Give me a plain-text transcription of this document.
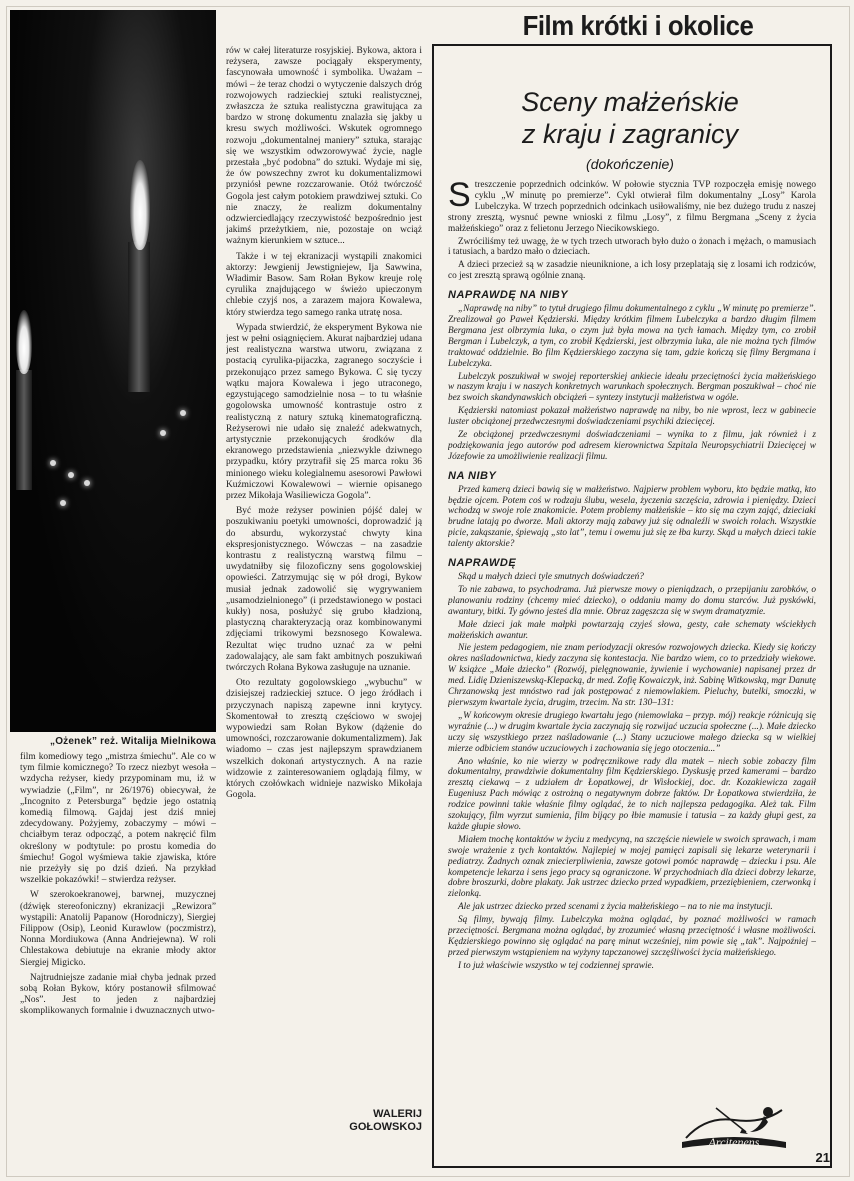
„Ożenek” reż. Witalija Mielnikowa

film komediowy tego „mistrza śmiechu”. Ale co w tym filmie komicznego? To rzecz niezbyt wesoła – wzdycha reżyser, kiedy przypominam mu, iż w wywiadzie („Film”, nr 26/1976) obiecywał, że „Incognito z Petersburga” będzie jego ostatnią komedią filmową. Gajdaj jest dziś mniej zdecydowany. Pożyjemy, zobaczymy – mówi – chciałbym teraz odpocząć, a potem nakręcić film określony w podtytule: po prostu komedia do śmiechu! Gogol wyśmiewa takie zjawiska, które nie przeżyły się po dziś dzień. Na przykład wszelkie pokazówki! – stwierdza reżyser.

W szerokoekranowej, barwnej, muzycznej (dźwięk stereofoniczny) ekranizacji „Rewizora” wystąpili: Anatolij Papanow (Horodniczy), Siergiej Filippow (Osip), Leonid Kurawlow (poczmistrz), Nonna Mordiukowa (Anna Andriejewna). W roli Chlestakowa debiutuje na ekranie młody aktor Siergiej Migicko.

Najtrudniejsze zadanie miał chyba jednak przed sobą Rołan Bykow, który postanowił sfilmować „Nos”. Jest to jeden z najbardziej skomplikowanych formalnie i dwuznacznych utwo-

rów w całej literaturze rosyjskiej. Bykowa, aktora i reżysera, zawsze pociągały eksperymenty, fascynowała umowność i symbolika. Uważam – mówi – że teraz chodzi o wytyczenie dalszych dróg rozwojowych radzieckiej sztuki realistycznej, zwłaszcza że sztuka realistyczna grawitująca za bardzo w stronę dokumentu znalazła się jakby u kresu swych możliwości. Wskutek ogromnego rozwoju „dokumentalnej maniery” sztuka, starając się we wszystkim odwzorowywać życie, nagle przestała „być podobna” do sztuki. Wydaje mi się, że ów powszechny zwrot ku dokumentalizmowi przyniósł pewne rozczarowanie. Otóż twórczość Gogola jest całym potokiem prawdziwej sztuki. Co nie znaczy, że realizm dokumentalny odzwierciedlający rzeczywistość bezpośrednio jest jakimś przeżytkiem, nie, pozostaje on wciąż ważnym kierunkiem w sztuce...

Także i w tej ekranizacji wystąpili znakomici aktorzy: Jewgienij Jewstigniejew, Ija Sawwina, Władimir Basow. Sam Rołan Bykow kreuje rolę cyrulika znajdującego w świeżo upieczonym chlebie czyjś nos, a zarazem majora Kowalewa, który stwierdza tego samego ranka utratę nosa.

Wypada stwierdzić, że eksperyment Bykowa nie jest w pełni osiągnięciem. Akurat najbardziej udana jest realistyczna warstwa utworu, związana z postacią cyrulika-pijaczka, zagranego soczyście i przekonująco przez samego Bykowa. C się tyczy wątku majora Kowalewa i jego utraconego, egzystującego samodzielnie nosa – to tu właśnie gogolowska umowność kontrastuje ostro z realistyczną z natury sztuką kinematograficzną. Reżyserowi nie udało się znaleźć adekwatnych, artystycznie przekonujących środków dla ekranowego przedstawienia „niezwykle dziwnego przypadku, który przytrafił się 25 marca roku 36 minionego wieku kolegialnemu asesorowi Pawłowi Kuźmiczowi Kowalewowi – wiernie opisanego przez Mikołaja Wasiliewicza Gogola”.

Być może reżyser powinien pójść dalej w poszukiwaniu poetyki umowności, doprowadzić ją do absurdu, wykorzystać chwyty kina ekspresjonistycznego. Wówczas – na zasadzie kontrastu z realistyczną warstwą filmu – uwydatniłby się filozoficzny sens gogolowskiej opowieści. Zatrzymując się w pół drogi, Bykow musiał jednak zadowolić się wygrywaniem „usamodzielnionego” (i przedstawionego w postaci kukły) nosa, posłużyć się grubo kładzioną, plastyczną charakteryzacją oraz kombinowanymi zdjęciami trikowymi bezsnosego Kowalewa. Rezultat więc trudno uznać za w pełni zadowalający, ale sam fakt ambitnych poszukiwań twórczych Rołana Bykowa zasługuje na uznanie.

Oto rezultaty gogolowskiego „wybuchu” w dzisiejszej radzieckiej sztuce. O jego źródłach i przyczynach napiszą zapewne inni krytycy. Skomentował to zresztą częściowo w swojej wypowiedzi sam Rołan Bykow (dążenie do umowności, rozczarowanie dokumentalizmem). Jak wiadomo – czas jest najlepszym sprawdzianem wszelkich dokonań artystycznych. A na razie widzowie z zainteresowaniem oglądają filmy, w których czołówkach widnieje nazwisko Mikołaja Gogola.

WALERIJ
GOŁOWSKOJ
Film krótki i okolice
Sceny małżeńskie
z kraju i zagranicy
(dokończenie)

Streszczenie poprzednich odcinków. W połowie stycznia TVP rozpoczęła emisję nowego cyklu „W minutę po premierze”. Cykl otwierał film dokumentalny „Losy” Karola Lubelczyka. W trzech poprzednich odcinkach usiłowaliśmy, nie bez dużego trudu z naszej strony zresztą, wysnuć pewne wnioski z filmu „Losy”, z filmu Bergmana „Sceny z życia małżeńskiego” oraz z felietonu Jerzego Niecikowskiego.

Zwróciliśmy też uwagę, że w tych trzech utworach było dużo o żonach i mężach, o mamusiach i tatusiach, a bardzo mało o dzieciach.

A dzieci przecież są w zasadzie nieuniknione, a ich losy przeplatają się z losami ich rodziców, co jest zresztą sprawą ogólnie znaną.

NAPRAWDĘ NA NIBY

„Naprawdę na niby” to tytuł drugiego filmu dokumentalnego z cyklu „W minutę po premierze”. Zrealizował go Paweł Kędzierski. Między krótkim filmem Lubelczyka a bardzo długim filmem Bergmana jest olbrzymia luka, o czym już była mowa na tych łamach. Między tym, co zrobił Bergman i Lubelczyk, a tym, co zrobił Kędzierski, jest olbrzymia luka, ale nie można tych filmów traktować oddzielnie. Bo film Kędzierskiego zaczyna się tam, gdzie kończą się filmy Bergmana i Lubelczyka.

Lubelczyk poszukiwał w swojej reporterskiej ankiecie ideału przeciętności życia małżeńskiego w naszym kraju i w naszych konkretnych warunkach społecznych. Bergman poszukiwał – choć nie bez swoich skandynawskich obciążeń – syntezy instytucji małżeństwa w ogóle.

Kędzierski natomiast pokazał małżeństwo naprawdę na niby, bo nie wprost, lecz w gabinecie luster obciążonej przedwczesnymi doświadczeniami psychiki dziecięcej.

Ze obciążonej przedwczesnymi doświadczeniami – wynika to z filmu, jak również i z podziękowania jego autorów pod adresem kierownictwa Szpitala Neuropsychiatrii Dziecięcej w Józefowie za umożliwienie realizacji filmu.

NA NIBY

Przed kamerą dzieci bawią się w małżeństwo. Najpierw problem wyboru, kto będzie matką, kto będzie ojcem. Potem coś w rodzaju ślubu, wesela, życzenia szczęścia, zdrowia i pieniędzy. Dzieci wchodzą w swoje role znakomicie. Potem problemy małżeńskie – kto się ma czym zająć, dzieciaki brudne latają po dworze. Mali aktorzy mają zabawy już się odnaleźli w swoich rolach. Wszystkie picie, zakąszanie, śpiewają „sto lat”, temu i owemu już się ze łba kurzy. Skąd u małych dzieci takie talenty aktorskie?

NAPRAWDĘ

Skąd u małych dzieci tyle smutnych doświadczeń?

To nie zabawa, to psychodrama. Już pierwsze mowy o pieniądzach, o przepijaniu zarobków, o planowaniu rodziny (chcemy mieć dziecko), o oddaniu mamy do domu starców. Już pyskówki, awantury, bitki. Ty gówno jesteś dla mnie. Obraz zagęszcza się w swym dramatyzmie.

Małe dzieci jak małe małpki powtarzają czyjeś słowa, gesty, całe schematy wściekłych małżeńskich awantur.

Nie jestem pedagogiem, nie znam periodyzacji okresów rozwojowych dziecka. Kiedy się kończy okres naśladownictwa, kiedy zaczyna się kontestacja. Nie bardzo wiem, co to przedziały wiekowe. W książce „Małe dziecko” (Rozwój, pielęgnowanie, żywienie i wychowanie) napisanej przez dr med. Lidię Dzieniszewską-Klepacką, dr med. Zofię Kowaiczyk, inż. Sabinę Witkowską, mgr Danutę Chrzanowską jest mnóstwo rad jak postępować z niemowlakiem. Pieluchy, butelki, smoczki, w pierwszym kwartale życia, drugim, trzecim. Na str. 130–131:

„W końcowym okresie drugiego kwartału jego (niemowlaka – przyp. mój) reakcje różnicują się wyraźnie (...) w drugim kwartale życia zaczynają się rozwijać uczucia społeczne (...). Małe dziecko uczy się wszystkiego przez naśladowanie (...) Stany uczuciowe małego dziecka są w wielkiej mierze odbiciem stanów uczuciowych i zachowania się jego otoczenia...”

Ano właśnie, ko nie wierzy w podręcznikowe rady dla matek – niech sobie zobaczy film dokumentalny, prawdziwie dokumentalny film Kędzierskiego. Dyskusję przed kamerami – bardzo zresztą ciekawą – z udziałem dr Łopatkowej, dr Wisłockiej, doc. dr. Kozakiewicza zagaił Eugeniusz Pach mówiąc z ostrożną o negatywnym dobrze faktów. Dr Łopatkowa stwierdziła, że rodzice powinni takie właśnie filmy oglądać, że to nich najlepsza pedagogika. Ależ tak. Film szokujący, film wyrzut sumienia, film bijący po łbie mamusie i tatusia – za każdy głupi gest, za każde głupie słowo.

Miałem tnochę kontaktów w życiu z medycyną, na szczęście niewiele w swoich sprawach, i mam swoje wrażenie z tych kontaktów. Najlepiej w mojej pamięci zapisali się lekarze weterynarii i pediatrzy. Żadnych oznak zniecierpliwienia, zawsze gotowi pomóc naprawdę – dziecku i psu. Ale kompetencje lekarza i sens jego pracy są ograniczone. W przychodniach dla dzieci dobrzy lekarze, dobre broszurki, dobre plakaty. Jak ustrzec dziecko przed wypadkiem, przeziębieniem, czerwonką i zielonką.

Ale jak ustrzec dziecko przed scenami z życia małżeńskiego – na to nie ma instytucji.

Są filmy, bywają filmy. Lubelczyka można oglądać, by poznać możliwości w ramach przeciętności. Bergmana można oglądać, by zrozumieć własną przeciętność i własne możliwości. Kędzierskiego powinno się oglądać na parę minut wcześniej, nim powie się „tak”. Najpoźniej – przed pierwszym wstąpieniem na wyżyny tapczanowej szczęśliwości życia małżeńskiego.

I to już właściwie wszystko w tej codziennej sprawie.

Arcitenens
21
